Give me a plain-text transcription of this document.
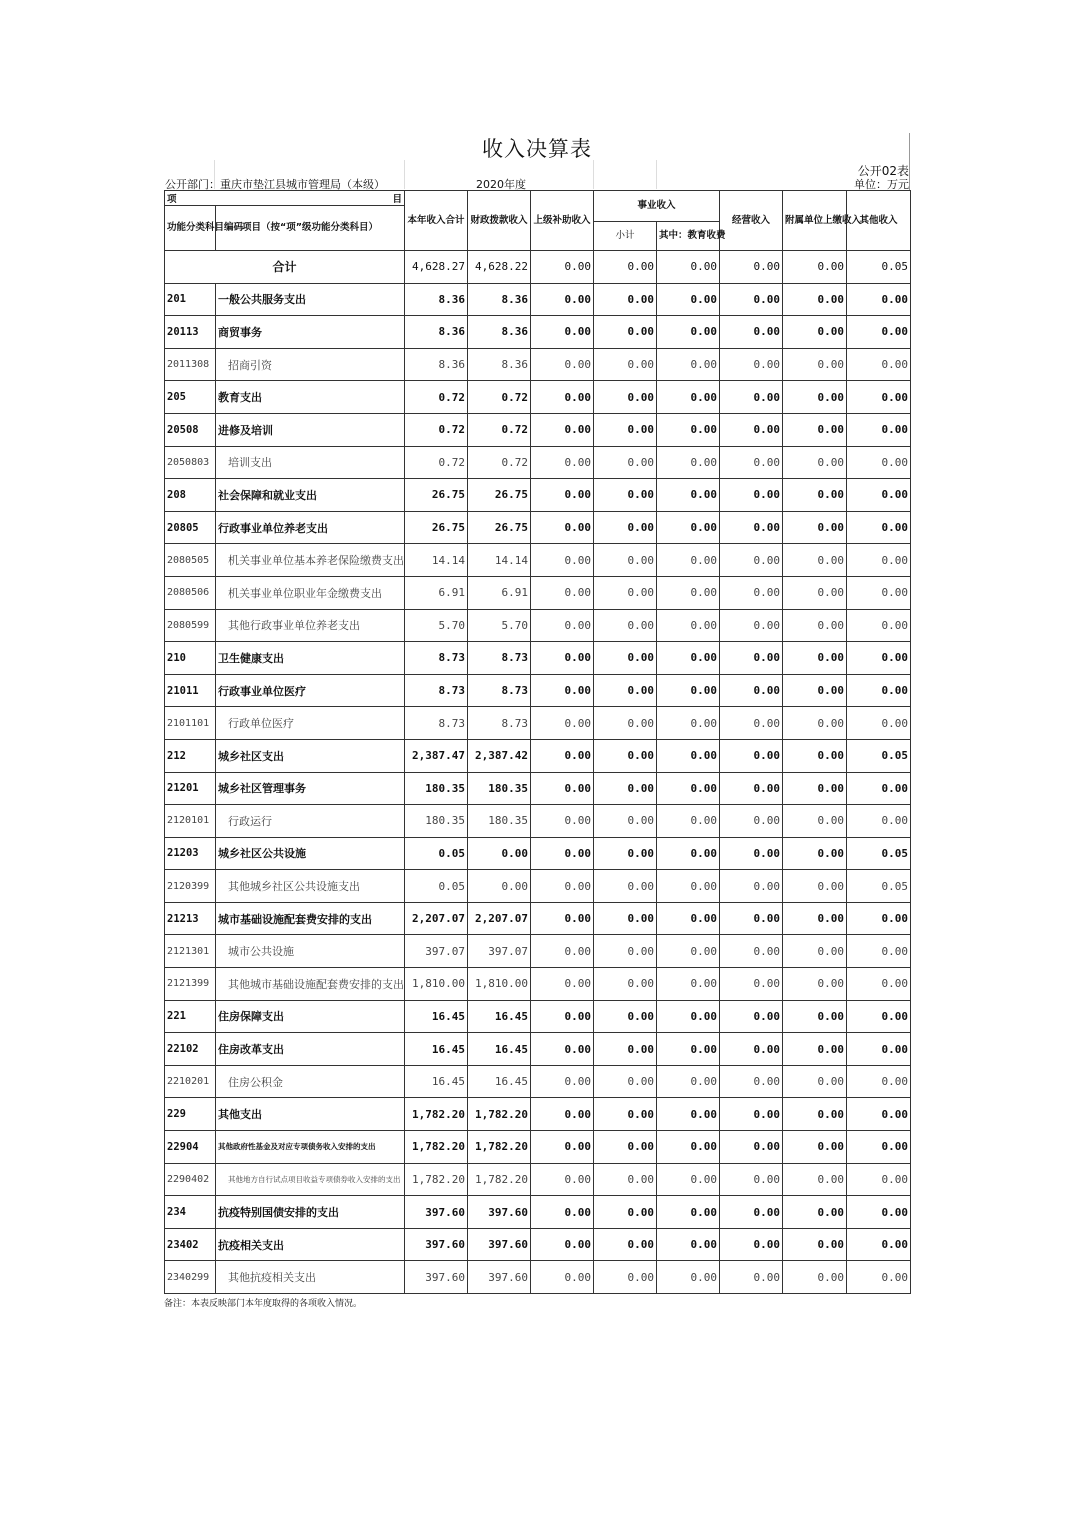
收入决算表
公开02表
公开部门：重庆市垫江县城市管理局（本级）	2020年度	单位：万元
项	目	本年收入合计	财政拨款收入	上级补助收入	事业收入		经营收入	附属单位上缴收入	其他收入
功能分类科目编码	项目（按“项”级功能分类科目）								
					小计	其中：教育收费			
合计		4,628.27	4,628.22	0.00	0.00	0.00	0.00	0.00	0.05
201	一般公共服务支出	8.36	8.36	0.00	0.00	0.00	0.00	0.00	0.00
20113	商贸事务	8.36	8.36	0.00	0.00	0.00	0.00	0.00	0.00
2011308	招商引资	8.36	8.36	0.00	0.00	0.00	0.00	0.00	0.00
205	教育支出	0.72	0.72	0.00	0.00	0.00	0.00	0.00	0.00
20508	进修及培训	0.72	0.72	0.00	0.00	0.00	0.00	0.00	0.00
2050803	培训支出	0.72	0.72	0.00	0.00	0.00	0.00	0.00	0.00
208	社会保障和就业支出	26.75	26.75	0.00	0.00	0.00	0.00	0.00	0.00
20805	行政事业单位养老支出	26.75	26.75	0.00	0.00	0.00	0.00	0.00	0.00
2080505	机关事业单位基本养老保险缴费支出	14.14	14.14	0.00	0.00	0.00	0.00	0.00	0.00
2080506	机关事业单位职业年金缴费支出	6.91	6.91	0.00	0.00	0.00	0.00	0.00	0.00
2080599	其他行政事业单位养老支出	5.70	5.70	0.00	0.00	0.00	0.00	0.00	0.00
210	卫生健康支出	8.73	8.73	0.00	0.00	0.00	0.00	0.00	0.00
21011	行政事业单位医疗	8.73	8.73	0.00	0.00	0.00	0.00	0.00	0.00
2101101	行政单位医疗	8.73	8.73	0.00	0.00	0.00	0.00	0.00	0.00
212	城乡社区支出	2,387.47	2,387.42	0.00	0.00	0.00	0.00	0.00	0.05
21201	城乡社区管理事务	180.35	180.35	0.00	0.00	0.00	0.00	0.00	0.00
2120101	行政运行	180.35	180.35	0.00	0.00	0.00	0.00	0.00	0.00
21203	城乡社区公共设施	0.05	0.00	0.00	0.00	0.00	0.00	0.00	0.05
2120399	其他城乡社区公共设施支出	0.05	0.00	0.00	0.00	0.00	0.00	0.00	0.05
21213	城市基础设施配套费安排的支出	2,207.07	2,207.07	0.00	0.00	0.00	0.00	0.00	0.00
2121301	城市公共设施	397.07	397.07	0.00	0.00	0.00	0.00	0.00	0.00
2121399	其他城市基础设施配套费安排的支出	1,810.00	1,810.00	0.00	0.00	0.00	0.00	0.00	0.00
221	住房保障支出	16.45	16.45	0.00	0.00	0.00	0.00	0.00	0.00
22102	住房改革支出	16.45	16.45	0.00	0.00	0.00	0.00	0.00	0.00
2210201	住房公积金	16.45	16.45	0.00	0.00	0.00	0.00	0.00	0.00
229	其他支出	1,782.20	1,782.20	0.00	0.00	0.00	0.00	0.00	0.00
22904	其他政府性基金及对应专项债务收入安排的支出	1,782.20	1,782.20	0.00	0.00	0.00	0.00	0.00	0.00
2290402	其他地方自行试点项目收益专项债券收入安排的支出	1,782.20	1,782.20	0.00	0.00	0.00	0.00	0.00	0.00
234	抗疫特别国债安排的支出	397.60	397.60	0.00	0.00	0.00	0.00	0.00	0.00
23402	抗疫相关支出	397.60	397.60	0.00	0.00	0.00	0.00	0.00	0.00
2340299	其他抗疫相关支出	397.60	397.60	0.00	0.00	0.00	0.00	0.00	0.00
备注：本表反映部门本年度取得的各项收入情况。
